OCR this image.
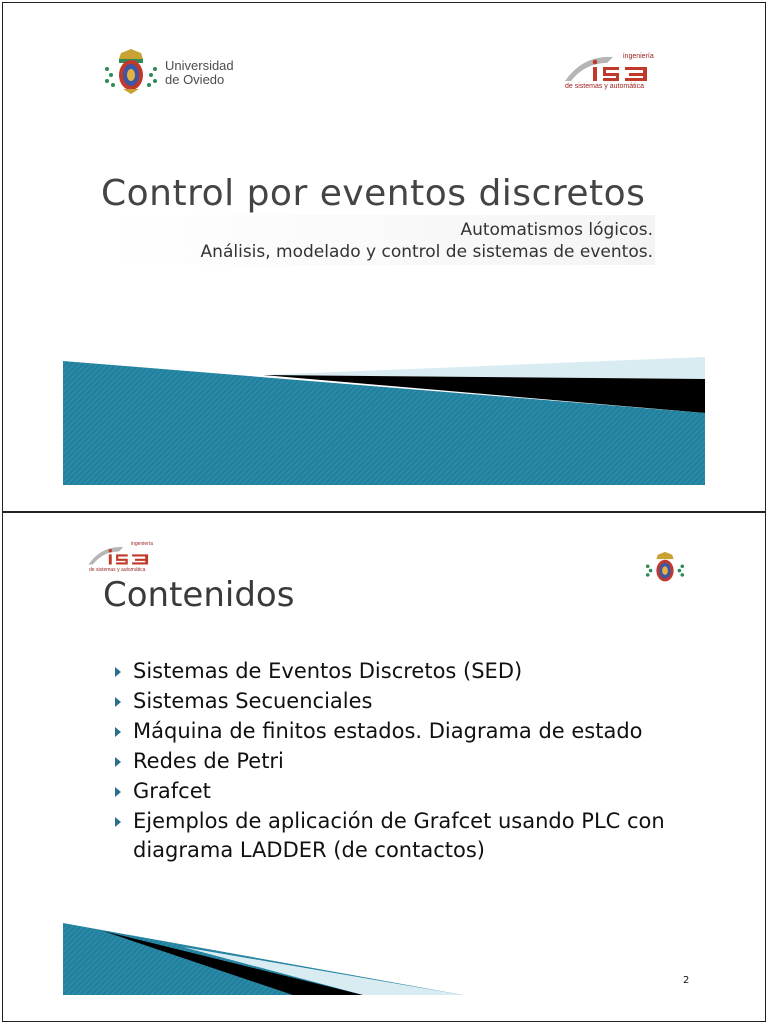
Universidad
de Oviedo
ingeniería
de sistemas y automática
Control por eventos discretos
Automatismos lógicos.
Análisis, modelado y control de sistemas de eventos.
ingeniería
de sistemas y automática
Contenidos
Sistemas de Eventos Discretos (SED)
Sistemas Secuenciales
Máquina de finitos estados. Diagrama de estado
Redes de Petri
Grafcet
Ejemplos de aplicación de Grafcet usando PLC con diagrama LADDER (de contactos)
2
